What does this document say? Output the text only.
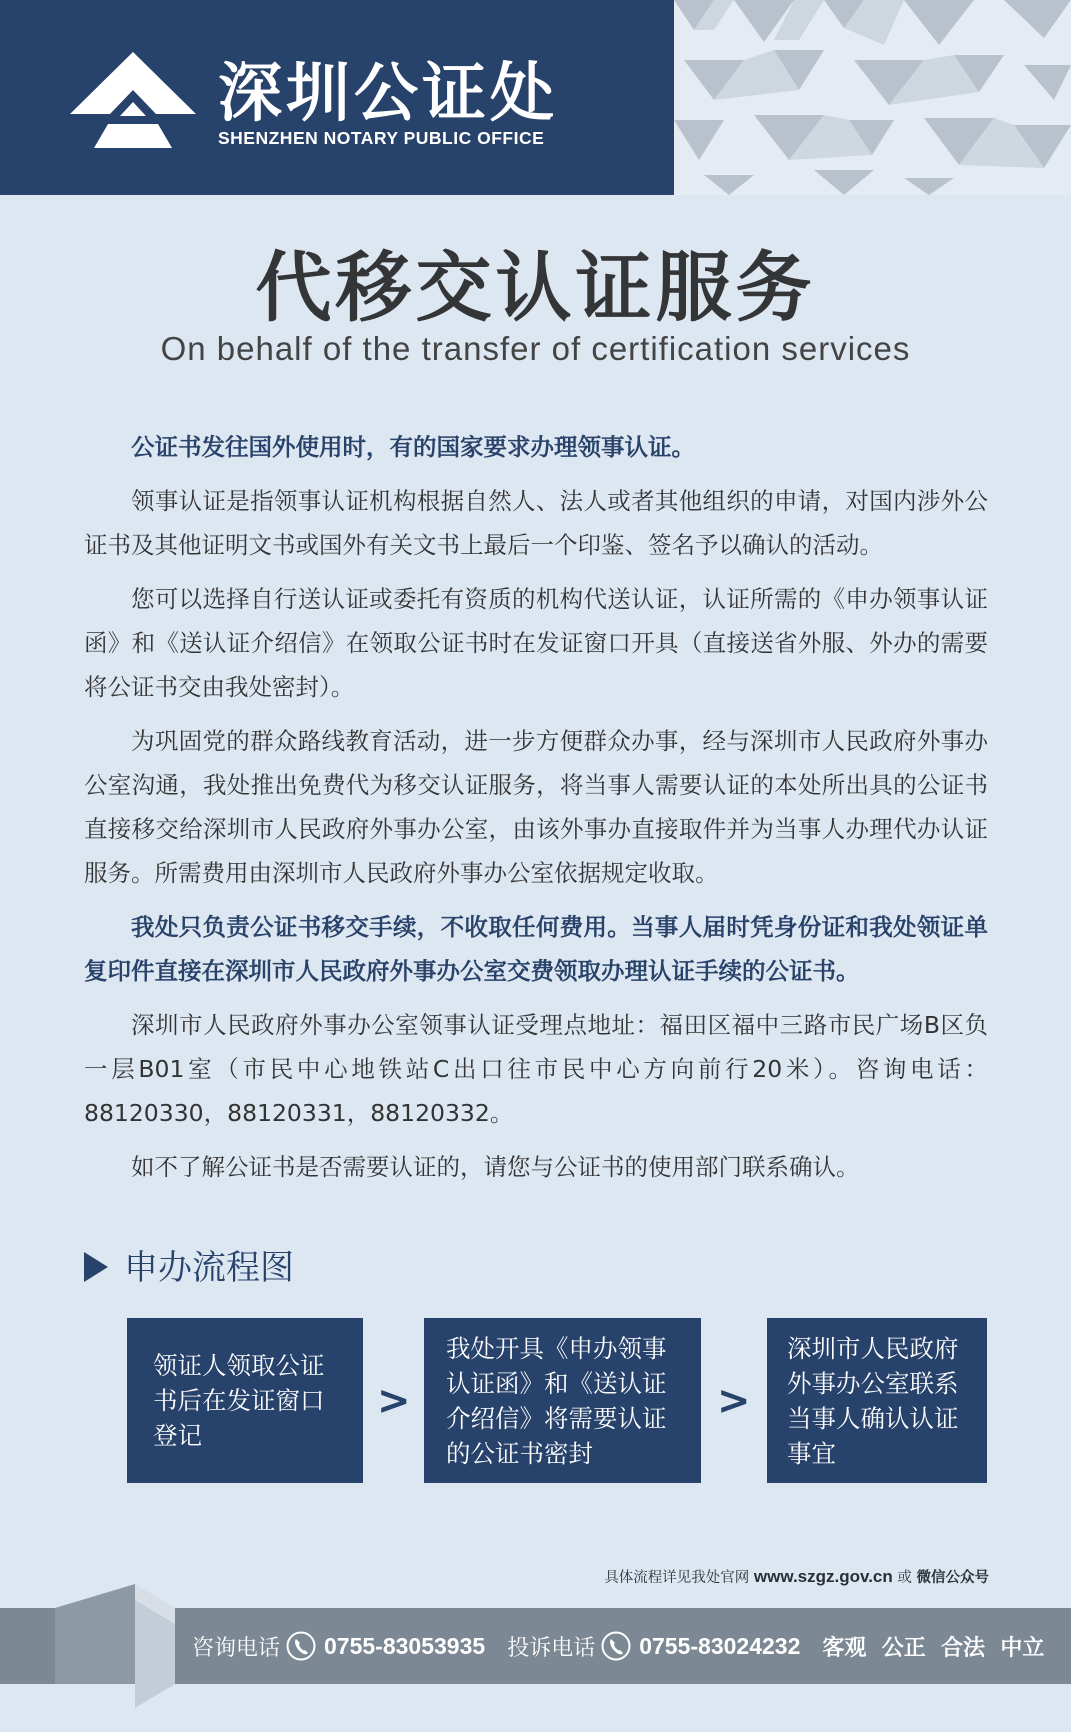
深圳公证处
SHENZHEN NOTARY PUBLIC OFFICE
代移交认证服务
On behalf of the transfer of certification services

公证书发往国外使用时，有的国家要求办理领事认证。

领事认证是指领事认证机构根据自然人、法人或者其他组织的申请，对国内涉外公证书及其他证明文书或国外有关文书上最后一个印鉴、签名予以确认的活动。

您可以选择自行送认证或委托有资质的机构代送认证，认证所需的《申办领事认证函》和《送认证介绍信》在领取公证书时在发证窗口开具（直接送省外服、外办的需要将公证书交由我处密封）。

为巩固党的群众路线教育活动，进一步方便群众办事，经与深圳市人民政府外事办公室沟通，我处推出免费代为移交认证服务，将当事人需要认证的本处所出具的公证书直接移交给深圳市人民政府外事办公室，由该外事办直接取件并为当事人办理代办认证服务。所需费用由深圳市人民政府外事办公室依据规定收取。

我处只负责公证书移交手续，不收取任何费用。当事人届时凭身份证和我处领证单复印件直接在深圳市人民政府外事办公室交费领取办理认证手续的公证书。

深圳市人民政府外事办公室领事认证受理点地址：福田区福中三路市民广场B区负一层B01室（市民中心地铁站C出口往市民中心方向前行20米）。咨询电话：88120330，88120331，88120332。

如不了解公证书是否需要认证的，请您与公证书的使用部门联系确认。

申办流程图
领证人领取公证书后在发证窗口登记
>
我处开具《申办领事认证函》和《送认证介绍信》将需要认证的公证书密封
>
深圳市人民政府外事办公室联系当事人确认认证事宜
具体流程详见我处官网 www.szgz.gov.cn 或 微信公众号
咨询电话 0755-83053935 投诉电话 0755-83024232 客观  公正  合法  中立
